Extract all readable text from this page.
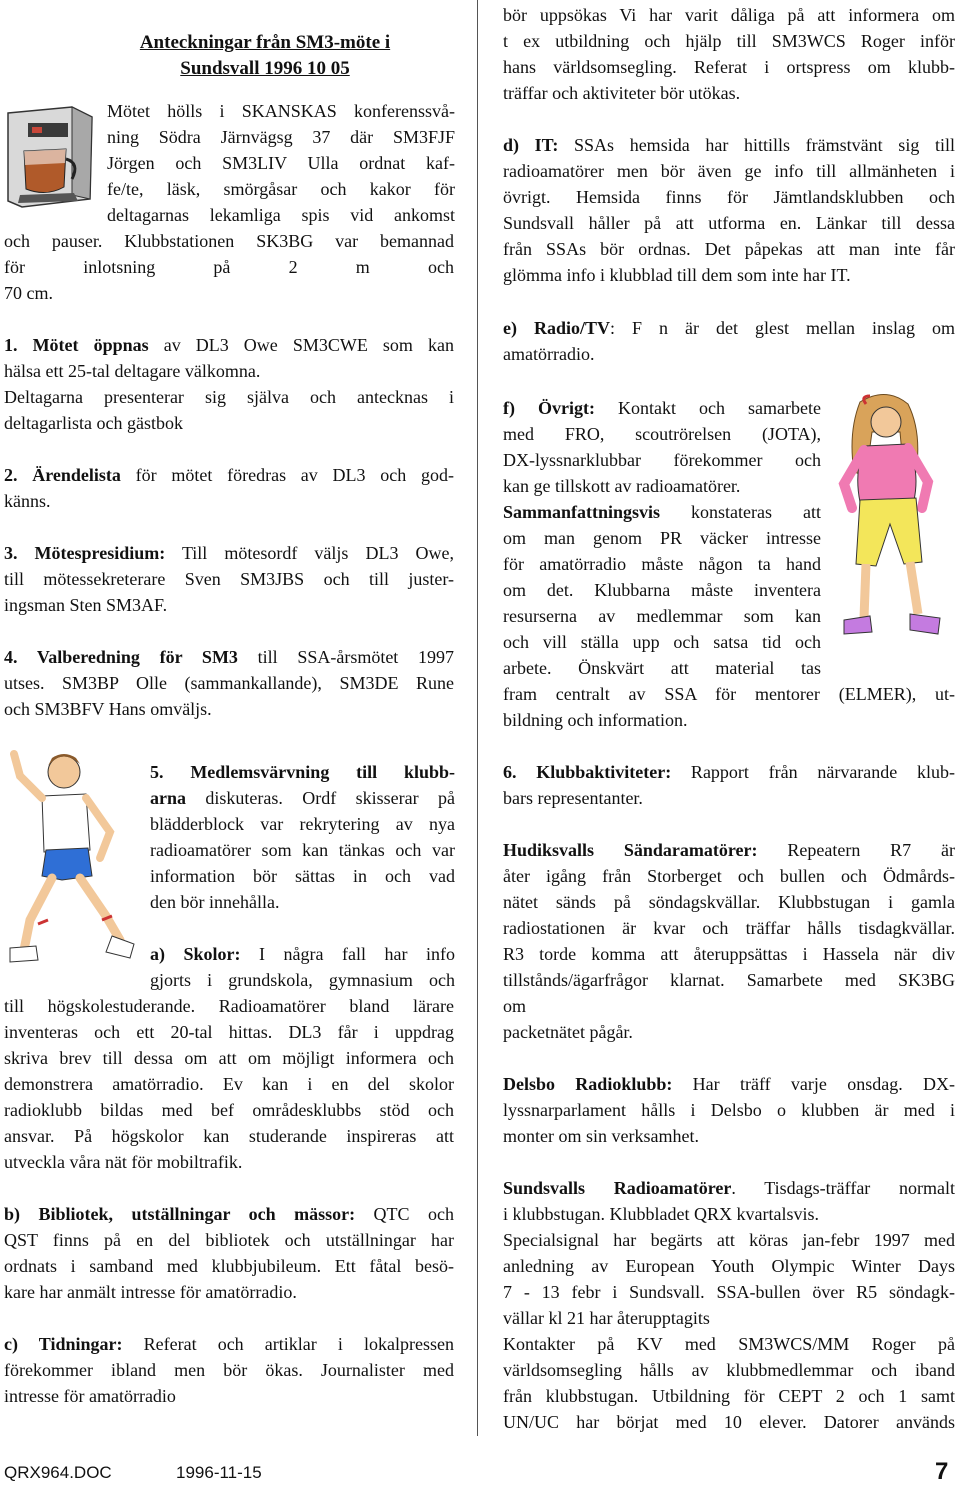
Anteckningar från SM3-möte i
Sundsvall 1996 10 05
Mötet hölls i SKANSKAS konferenssvå-
ning Södra Järnvägsg 37 där SM3FJF
Jörgen och SM3LIV Ulla ordnat kaf-
fe/te, läsk, smörgåsar och kakor för
deltagarnas lekamliga spis vid ankomst
och pauser. Klubbstationen SK3BG var bemannad
för inlotsning på 2 m och
70 cm.
1. Mötet öppnas av DL3 Owe SM3CWE som kan
hälsa ett 25-tal deltagare välkomna.
Deltagarna presenterar sig själva och antecknas i
deltagarlista och gästbok
2. Ärendelista för mötet föredras av DL3 och god-
känns.
3. Mötespresidium: Till mötesordf väljs DL3 Owe,
till mötessekreterare Sven SM3JBS och till juster-
ingsman Sten SM3AF.
4. Valberedning för SM3 till SSA-årsmötet 1997
utses. SM3BP Olle (sammankallande), SM3DE Rune
och SM3BFV Hans omväljs.
5. Medlemsvärvning till klubb-
arna diskuteras. Ordf skisserar på
blädderblock var rekrytering av nya
radioamatörer som kan tänkas och var
information bör sättas in och vad
den bör innehålla.
a) Skolor: I några fall har info
gjorts i grundskola, gymnasium och
till högskolestuderande. Radioamatörer bland lärare
inventeras och ett 20-tal hittas. DL3 får i uppdrag
skriva brev till dessa om att om möjligt informera och
demonstrera amatörradio. Ev kan i en del skolor
radioklubb bildas med bef områdesklubbs stöd och
ansvar. På högskolor kan studerande inspireras att
utveckla våra nät för mobiltrafik.
b) Bibliotek, utställningar och mässor: QTC och
QST finns på en del bibliotek och utställningar har
ordnats i samband med klubbjubileum. Ett fåtal besö-
kare har anmält intresse för amatörradio.
c) Tidningar: Referat och artiklar i lokalpressen
förekommer ibland men bör ökas. Journalister med
intresse för amatörradio
bör uppsökas Vi har varit dåliga på att informera om
t ex utbildning och hjälp till SM3WCS Roger inför
hans världsomsegling. Referat i ortspress om klubb-
träffar och aktiviteter bör utökas.
d) IT: SSAs hemsida har hittills främstvänt sig till
radioamatörer men bör även ge info till allmänheten i
övrigt. Hemsida finns för Jämtlandsklubben och
Sundsvall håller på att utforma en. Länkar till dessa
från SSAs bör ordnas. Det påpekas att man inte får
glömma info i klubblad till dem som inte har IT.
e) Radio/TV: F n är det glest mellan inslag om
amatörradio.
f) Övrigt: Kontakt och samarbete
med FRO, scoutrörelsen (JOTA),
DX-lyssnarklubbar förekommer och
kan ge tillskott av radioamatörer.
Sammanfattningsvis konstateras att
om man genom PR väcker intresse
för amatörradio måste någon ta hand
om det. Klubbarna måste inventera
resurserna av medlemmar som kan
och vill ställa upp och satsa tid och
arbete. Önskvärt att material tas
fram centralt av SSA för mentorer (ELMER), ut-
bildning och information.
6. Klubbaktiviteter: Rapport från närvarande klub-
bars representanter.
Hudiksvalls Sändaramatörer: Repeatern R7 är
åter igång från Storberget och bullen och Ödmårds-
nätet sänds på söndagskvällar. Klubbstugan i gamla
radiostationen är kvar och träffar hålls tisdagkvällar.
R3 torde komma att återuppsättas i Hassela när div
tillstånds/ägarfrågor klarnat. Samarbete med SK3BG
om
packetnätet pågår.
Delsbo Radioklubb: Har träff varje onsdag. DX-
lyssnarparlament hålls i Delsbo o klubben är med i
monter om sin verksamhet.
Sundsvalls Radioamatörer. Tisdags-träffar normalt
i klubbstugan. Klubbladet QRX kvartalsvis.
Specialsignal har begärts att köras jan-febr 1997 med
anledning av European Youth Olympic Winter Days
7 - 13 febr i Sundsvall. SSA-bullen över R5 söndagk-
vällar kl 21 har återupptagits
Kontakter på KV med SM3WCS/MM Roger på
världsomsegling hålls av klubbmedlemmar och iband
från klubbstugan. Utbildning för CEPT 2 och 1 samt
UN/UC har börjat med 10 elever. Datorer används
QRX964.DOC	1996-11-15	7
